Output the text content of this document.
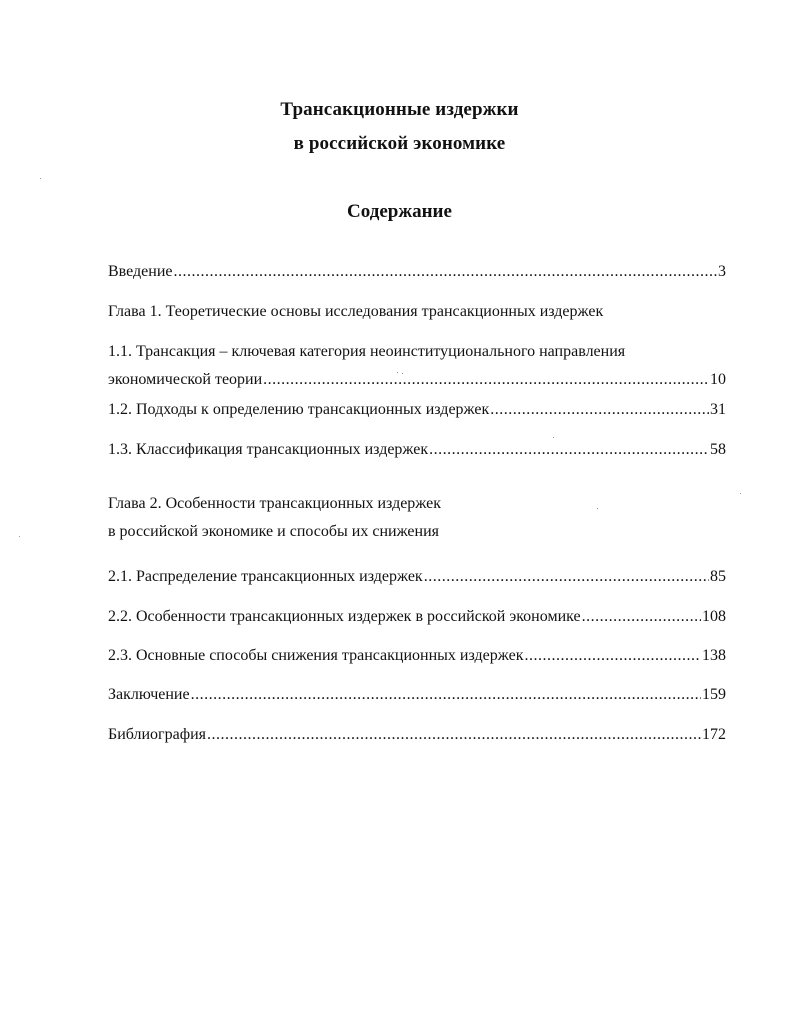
Трансакционные издержки
в российской экономике
Содержание
Введение .....	3
Глава 1. Теоретические основы исследования трансакционных издержек
1.1. Трансакция – ключевая категория неоинституционального направления
экономической теории .....	10
1.2. Подходы к определению трансакционных издержек .....	31
1.3. Классификация трансакционных издержек .....	58
Глава 2. Особенности трансакционных издержек
в российской экономике и способы их снижения
2.1. Распределение трансакционных издержек .....	85
2.2. Особенности трансакционных издержек в российской экономике .....	108
2.3. Основные способы снижения трансакционных издержек .....	138
Заключение .....	159
Библиография .....	172
